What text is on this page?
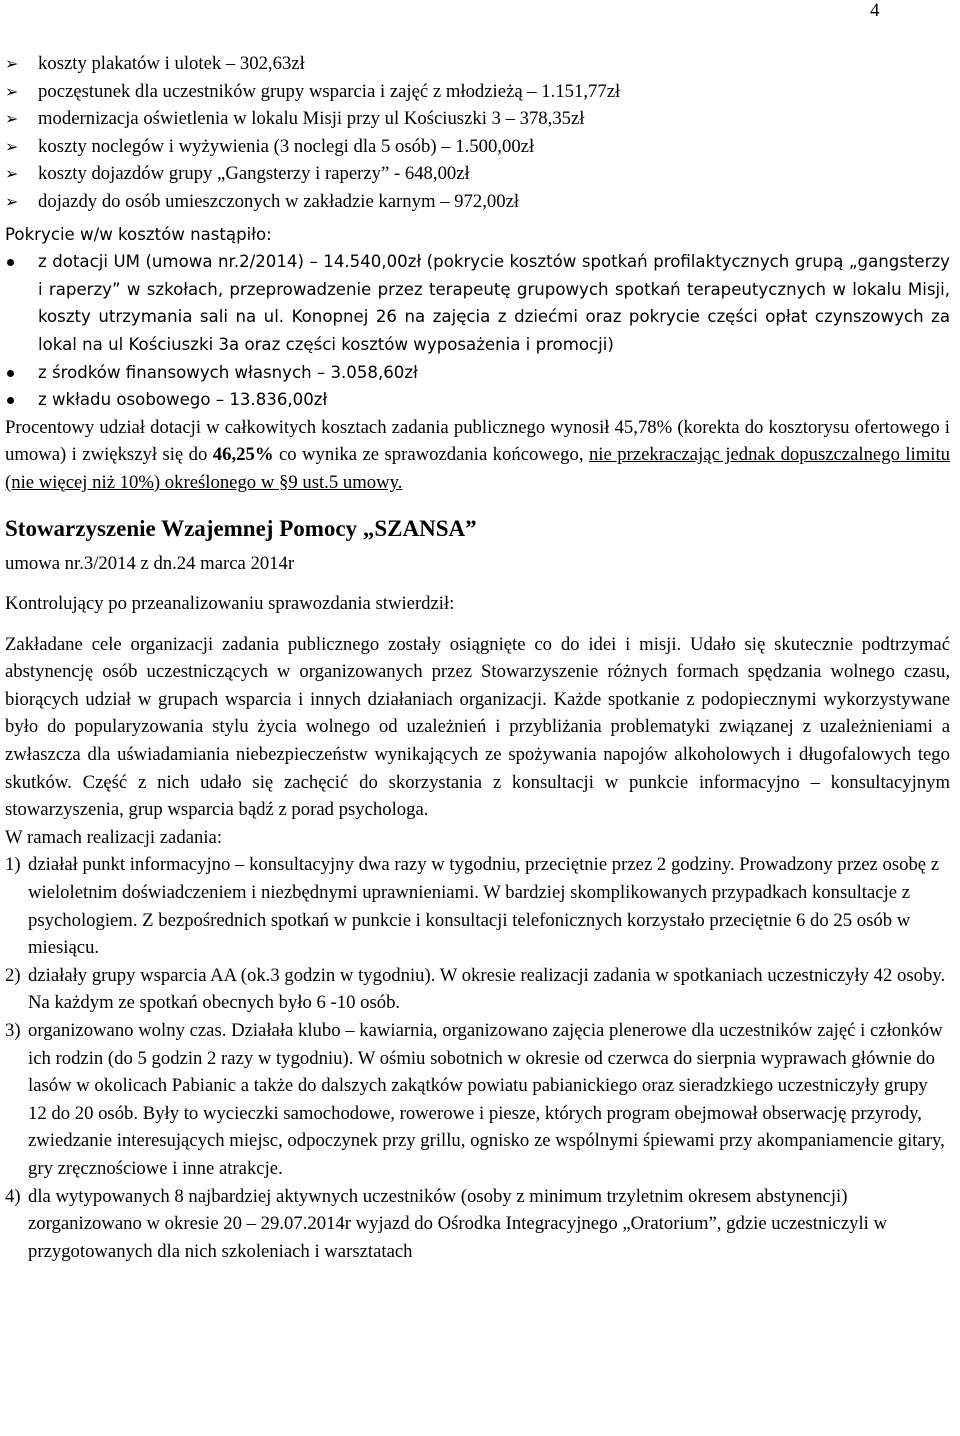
4
➢ koszty plakatów i ulotek – 302,63zł
➢ poczęstunek dla uczestników grupy wsparcia i zajęć z młodzieżą – 1.151,77zł
➢ modernizacja oświetlenia w lokalu Misji przy ul Kościuszki 3 – 378,35zł
➢ koszty noclegów i wyżywienia (3 noclegi dla 5 osób) – 1.500,00zł
➢ koszty dojazdów grupy „Gangsterzy i raperzy” - 648,00zł
➢ dojazdy do osób umieszczonych w zakładzie karnym – 972,00zł

Pokrycie w/w kosztów nastąpiło:

z dotacji UM (umowa nr.2/2014) – 14.540,00zł (pokrycie kosztów spotkań profilaktycznych grupą „gangsterzy i raperzy” w szkołach, przeprowadzenie przez terapeutę grupowych spotkań terapeutycznych w lokalu Misji, koszty utrzymania sali na ul. Konopnej 26 na zajęcia z dziećmi oraz pokrycie części opłat czynszowych za lokal na ul Kościuszki 3a oraz części kosztów wyposażenia i promocji)
z środków finansowych własnych – 3.058,60zł
z wkładu osobowego – 13.836,00zł

Procentowy udział dotacji w całkowitych kosztach zadania publicznego wynosił 45,78% (korekta do kosztorysu ofertowego i umowa) i zwiększył się do 46,25% co wynika ze sprawozdania końcowego, nie przekraczając jednak dopuszczalnego limitu (nie więcej niż 10%) określonego w §9 ust.5 umowy.

Stowarzyszenie Wzajemnej Pomocy „SZANSA”

umowa nr.3/2014 z dn.24 marca 2014r

Kontrolujący po przeanalizowaniu sprawozdania stwierdził:

Zakładane cele organizacji zadania publicznego zostały osiągnięte co do idei i misji. Udało się skutecznie podtrzymać abstynencję osób uczestniczących w organizowanych przez Stowarzyszenie różnych formach spędzania wolnego czasu, biorących udział w grupach wsparcia i innych działaniach organizacji. Każde spotkanie z podopiecznymi wykorzystywane było do popularyzowania stylu życia wolnego od uzależnień i przybliżania problematyki związanej z uzależnieniami a zwłaszcza dla uświadamiania niebezpieczeństw wynikających ze spożywania napojów alkoholowych i długofalowych tego skutków. Część z nich udało się zachęcić do skorzystania z konsultacji w punkcie informacyjno – konsultacyjnym stowarzyszenia, grup wsparcia bądź z porad psychologa.

W ramach realizacji zadania:

1) działał punkt informacyjno – konsultacyjny dwa razy w tygodniu, przeciętnie przez 2 godziny. Prowadzony przez osobę z wieloletnim doświadczeniem i niezbędnymi uprawnieniami. W bardziej skomplikowanych przypadkach konsultacje z psychologiem. Z bezpośrednich spotkań w punkcie i konsultacji telefonicznych korzystało przeciętnie 6 do 25 osób w miesiącu.
2) działały grupy wsparcia AA (ok.3 godzin w tygodniu). W okresie realizacji zadania w spotkaniach uczestniczyły 42 osoby. Na każdym ze spotkań obecnych było 6 -10 osób.
3) organizowano wolny czas. Działała klubo – kawiarnia, organizowano zajęcia plenerowe dla uczestników zajęć i członków ich rodzin (do 5 godzin 2 razy w tygodniu). W ośmiu sobotnich w okresie od czerwca do sierpnia wyprawach głównie do lasów w okolicach Pabianic a także do dalszych zakątków powiatu pabianickiego oraz sieradzkiego uczestniczyły grupy 12 do 20 osób. Były to wycieczki samochodowe, rowerowe i piesze, których program obejmował obserwację przyrody, zwiedzanie interesujących miejsc, odpoczynek przy grillu, ognisko ze wspólnymi śpiewami przy akompaniamencie gitary, gry zręcznościowe i inne atrakcje.
4) dla wytypowanych 8 najbardziej aktywnych uczestników (osoby z minimum trzyletnim okresem abstynencji) zorganizowano w okresie 20 – 29.07.2014r wyjazd do Ośrodka Integracyjnego „Oratorium”, gdzie uczestniczyli w przygotowanych dla nich szkoleniach i warsztatach
